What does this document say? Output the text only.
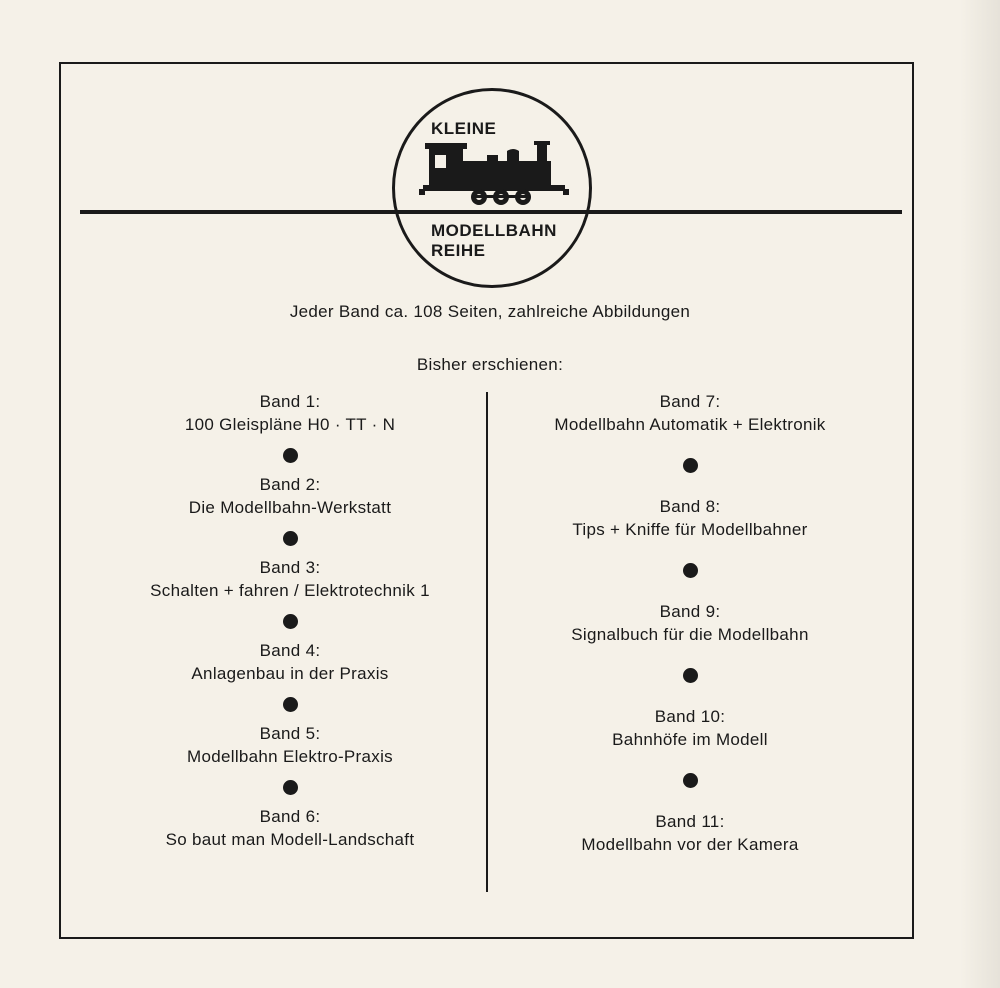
KLEINE
MODELLBAHN
REIHE
Jeder Band ca. 108 Seiten, zahlreiche Abbildungen
Bisher erschienen:
Band 1:
100 Gleispläne H0 · TT · N
Band 2:
Die Modellbahn-Werkstatt
Band 3:
Schalten + fahren / Elektrotechnik 1
Band 4:
Anlagenbau in der Praxis
Band 5:
Modellbahn Elektro-Praxis
Band 6:
So baut man Modell-Landschaft
Band 7:
Modellbahn Automatik + Elektronik
Band 8:
Tips + Kniffe für Modellbahner
Band 9:
Signalbuch für die Modellbahn
Band 10:
Bahnhöfe im Modell
Band 11:
Modellbahn vor der Kamera
